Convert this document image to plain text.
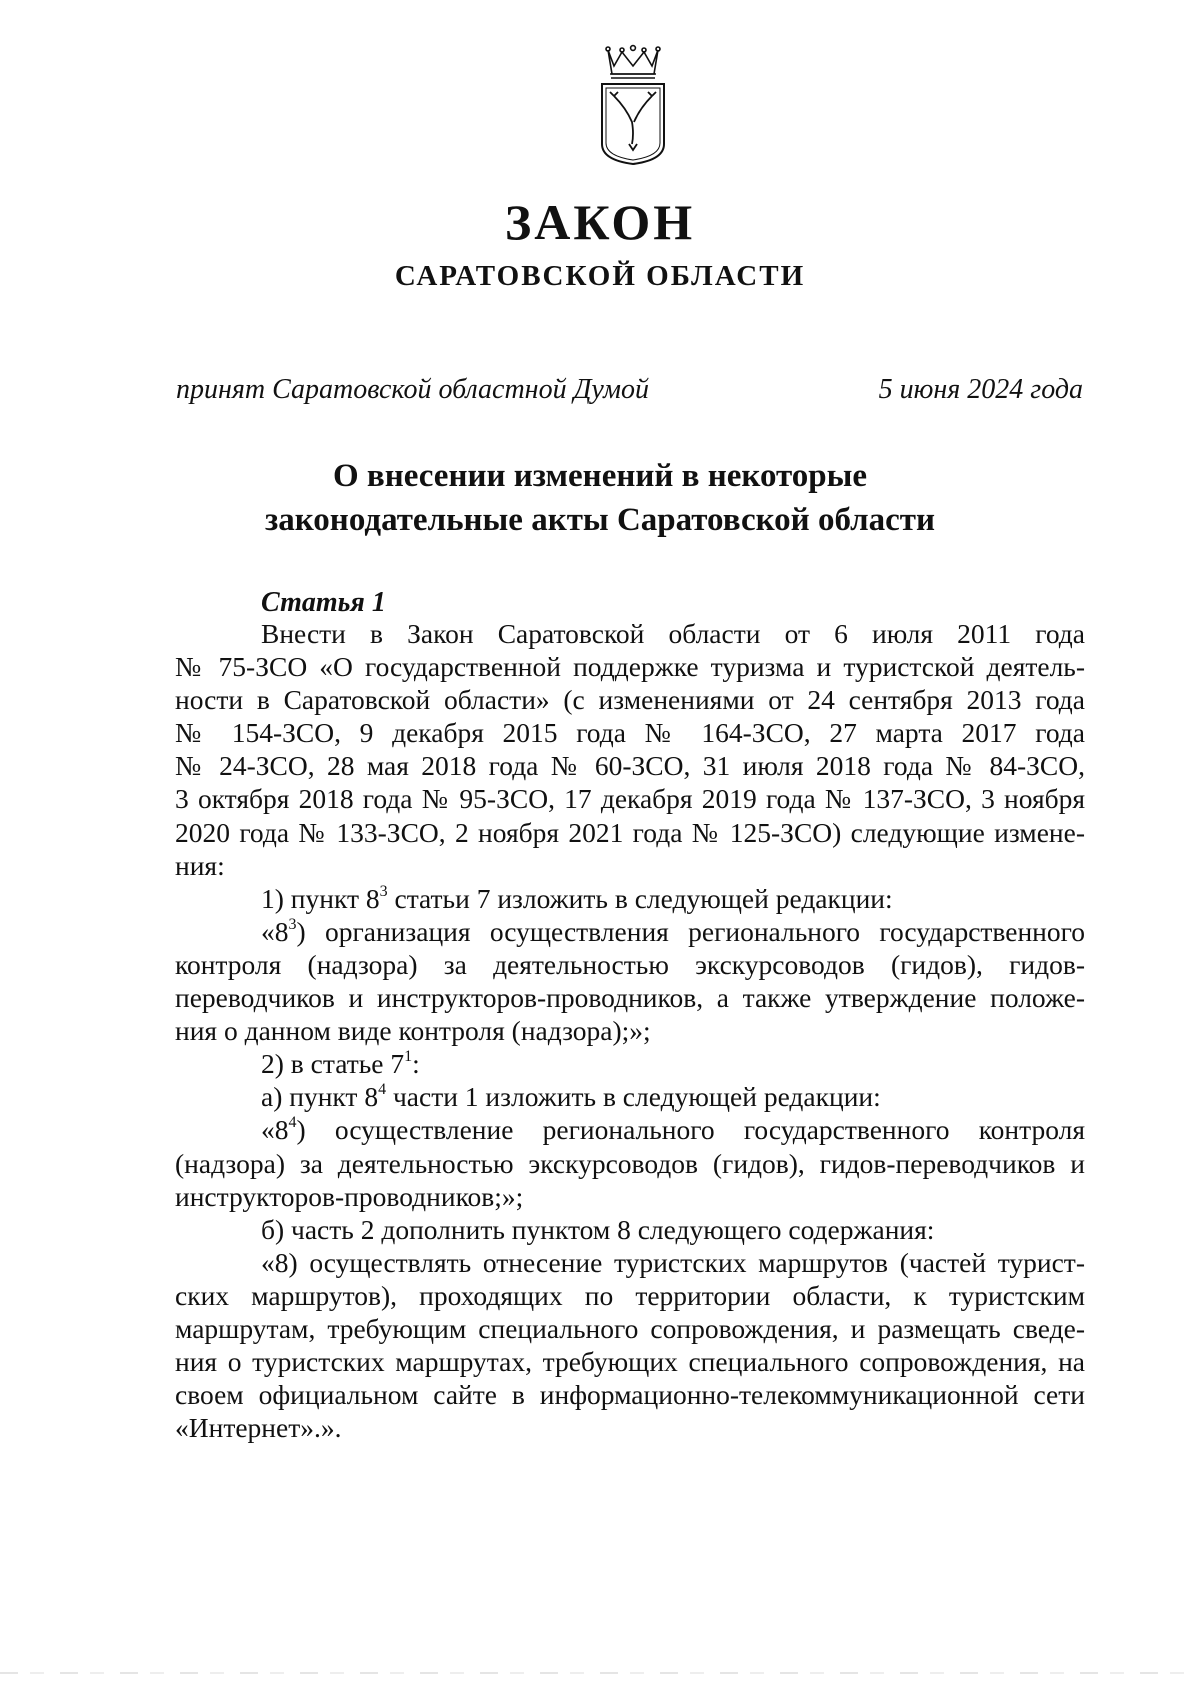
ЗАКОН
САРАТОВСКОЙ ОБЛАСТИ
принят Саратовской областной Думой	5 июня 2024 года
О внесении изменений в некоторые
законодательные акты Саратовской области
Статья 1
Внести в Закон Саратовской области от 6 июля 2011 года
№ 75-ЗСО «О государственной поддержке туризма и туристской деятель-
ности в Саратовской области» (с изменениями от 24 сентября 2013 года
№ 154-ЗСО, 9 декабря 2015 года № 164-ЗСО, 27 марта 2017 года
№ 24-ЗСО, 28 мая 2018 года № 60-ЗСО, 31 июля 2018 года № 84-ЗСО,
3 октября 2018 года № 95-ЗСО, 17 декабря 2019 года № 137-ЗСО, 3 ноября
2020 года № 133-ЗСО, 2 ноября 2021 года № 125-ЗСО) следующие измене-
ния:
1) пункт $8^3$ статьи 7 изложить в следующей редакции:
«$8^3$) организация осуществления регионального государственного
контроля (надзора) за деятельностью экскурсоводов (гидов), гидов-
переводчиков и инструкторов-проводников, а также утверждение положе-
ния о данном виде контроля (надзора);»;
2) в статье $7^1$:
а) пункт $8^4$ части 1 изложить в следующей редакции:
«$8^4$) осуществление регионального государственного контроля
(надзора) за деятельностью экскурсоводов (гидов), гидов-переводчиков и
инструкторов-проводников;»;
б) часть 2 дополнить пунктом 8 следующего содержания:
«8) осуществлять отнесение туристских маршрутов (частей турист-
ских маршрутов), проходящих по территории области, к туристским
маршрутам, требующим специального сопровождения, и размещать сведе-
ния о туристских маршрутах, требующих специального сопровождения, на
своем официальном сайте в информационно-телекоммуникационной сети
«Интернет».».
